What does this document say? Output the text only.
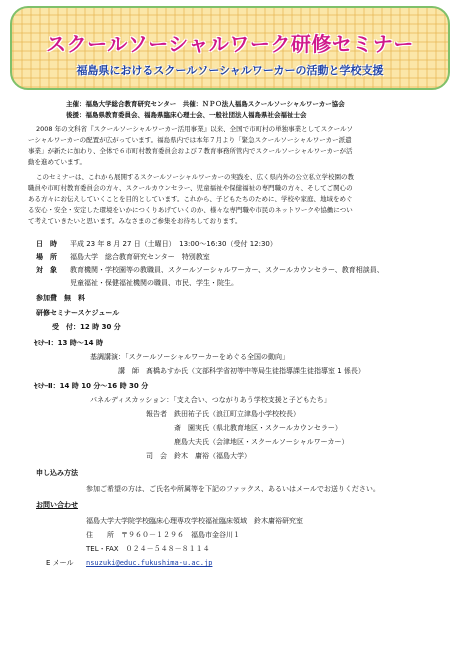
スクールソーシャルワーク研修セミナー
福島県におけるスクールソーシャルワーカーの活動と学校支援
主催：福島大学総合教育研究センター　共催：ＮＰＯ法人福島スクールソーシャルワーカー協会
後援：福島県教育委員会、福島県臨床心理士会、一般社団法人福島県社会福祉士会
2008 年の文科省『スクールソーシャルワーカー活用事業』以来、全国で市町村の単独事業としてスクールソ
ーシャルワーカーの配置が広がっています。福島県内では本年７月より「緊急スクールソーシャルワーカー派遣
事業」が新たに加わり、全体で６市町村教育委員会および７教育事務所管内でスクールソーシャルワーカーが活
動を進めています。
このセミナーは、これから展開するスクールソーシャルワーカーの実践を、広く県内外の公立私立学校園の教
職員や市町村教育委員会の方々、スクールカウンセラー、児童福祉や保健福祉の専門職の方々、そしてご関心の
ある方々にお伝えしていくことを目的としています。これから、子どもたちのために、学校や家庭、地域をめぐ
る安心・安全・安定した環境をいかにつくりあげていくのか、様々な専門職や市民のネットワークや協働につい
て考えていきたいと思います。みなさまのご参集をお待ちしております。
日　時 平成 23 年 8 月 27 日（土曜日）　13:00～16:30（受付 12:30）
場　所 福島大学　総合教育研究センター　特別教室
対　象 教育機関・学校園等の教職員、スクールソーシャルワーカー、スクールカウンセラー、教育相談員、
児童福祉・保健福祉機関の職員、市民、学生・院生。
参加費　無　料
研修セミナースケジュール
受　付：12 時 30 分
ｾﾐﾅｰⅠ：13 時～14 時
基調講演：「スクールソーシャルワーカーをめぐる全国の動向」
講　師　髙橋あすか氏（文部科学省初等中等局生徒指導課生徒指導室 1 係長）
ｾﾐﾅｰⅡ：14 時 10 分～16 時 30 分
パネルディスカッション：「支え合い、つながりあう学校支援と子どもたち」
報告者 鉄田祐子氏（浪江町立津島小学校校長）
斎　園実氏（県北教育地区・スクールカウンセラー）
鹿島大夫氏（会津地区・スクールソーシャルワーカー）
司　会　鈴木　庸裕（福島大学）
申し込み方法
参加ご希望の方は、ご氏名や所属等を下記のファックス、あるいはメールでお送りください。
お問い合わせ
福島大学大学院学校臨床心理専攻学校福祉臨床領域　鈴木庸裕研究室
住　　所　〒９６０－１２９６　福島市金谷川１
TEL・FAX　０２４－５４８－８１１４
E メール nsuzuki@educ.fukushima-u.ac.jp
